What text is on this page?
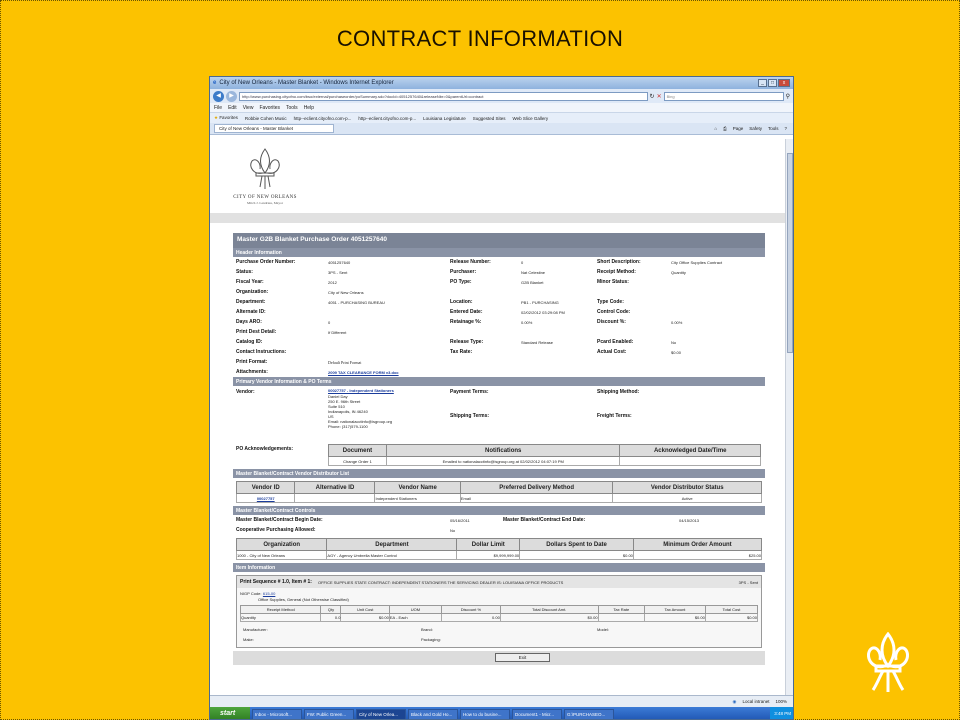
CONTRACT INFORMATION
e City of New Orleans - Master Blanket - Windows Internet Explorer	_	□	x
◀	▶	http://www.purchasing.cityofno.com/bso/external/purchaseorder/poSummary.sdo?docId=4051257640&releaseNbr=0&parentUrl=contract	↻ ✕	Bing	⚲
File Edit View Favorites Tools Help
★ Favorites Robbie Cohen Music http--eclient.cityofno.com-p... http--eclient.cityofno.com-p... Louisiana Legislature Suggested Sites Web Slice Gallery
City of New Orleans - Master Blanket	⌂ ⎙ Page Safety Tools ?
CITY OF NEW ORLEANS
Mitch J. Landrieu, Mayor
Master G2B Blanket Purchase Order 4051257640
Header Information
Purchase Order Number:	4051257640	Release Number:	0	Short Description:	City Office Supplies Contract
Status:	3PS - Sent	Purchaser:	Nat Celestine	Receipt Method:	Quantity
Fiscal Year:	2012	PO Type:	G2B Blanket	Minor Status:
Organization:	City of New Orleans
Department:	4051 - PURCHASING BUREAU	Location:	PB1 - PURCHASING	Type Code:
Alternate ID:	Entered Date:	02/02/2012 03:29:08 PM	Control Code:
Days ARO:	0	Retainage %:	0.00%	Discount %:	0.00%
Print Dest Detail:	If Different
Catalog ID:	Release Type:	Standard Release	Pcard Enabled:	No
Contact Instructions:	Tax Rate:	Actual Cost:	$0.00
Print Format:	Default Print Format
Attachments:	2009 TAX CLEARANCE FORM v3.doc
Primary Vendor Information & PO Terms
Vendor:	00027757 - Independent Stationers
Daniel Day
250 E. 96th Street
Suite 510
Indianapolis, IN 46240
US
Email: nationalacctinfo@isgroup.org
Phone: (317)579-1100
Payment Terms:
Shipping Terms:
Shipping Method:
Freight Terms:
PO Acknowledgements:	Document	Notifications	Acknowledged Date/Time
Change Order 1	Emailed to nationalacctinfo@isgroup.org at 02/02/2012 04:07:19 PM	
Master Blanket/Contract Vendor Distributor List
Vendor ID	Alternative ID	Vendor Name	Preferred Delivery Method	Vendor Distributor Status
00027757		Independent Stationers	Email	Active
Master Blanket/Contract Controls
Master Blanket/Contract Begin Date:	05/16/2011	Master Blanket/Contract End Date:	04/15/2013
Cooperative Purchasing Allowed:	No
Organization	Department	Dollar Limit	Dollars Spent to Date	Minimum Order Amount
1000 - City of New Orleans	AGY - Agency Umbrella Master Control	$9,999,999.00	$0.00	$25.00
Item Information
Print Sequence # 1.0, Item # 1: OFFICE SUPPLIES STATE CONTRACT: INDEPENDENT STATIONERS THE SERVICING DEALER IS: LOUISIANA OFFICE PRODUCTS	3PS - Sent
NIGP Code: 615-00
Office Supplies, General (Not Otherwise Classified)
Receipt Method	Qty	Unit Cost	UOM	Discount %	Total Discount Amt.	Tax Rate	Tax Amount	Total Cost
Quantity	0.0	$0.00	EA - Each	0.00	$0.00		$0.00	$0.00
Manufacturer:	Brand:	Model:
Make:	Packaging:
Exit
◉ Local intranet 100%
start	Inbox - Microsoft...	FW: Public Green...	City of New Orlea...	Black and Gold Ho...	How to do busine...	Document1 - Micr...	G:\PURCHASEO...	3:48 PM
